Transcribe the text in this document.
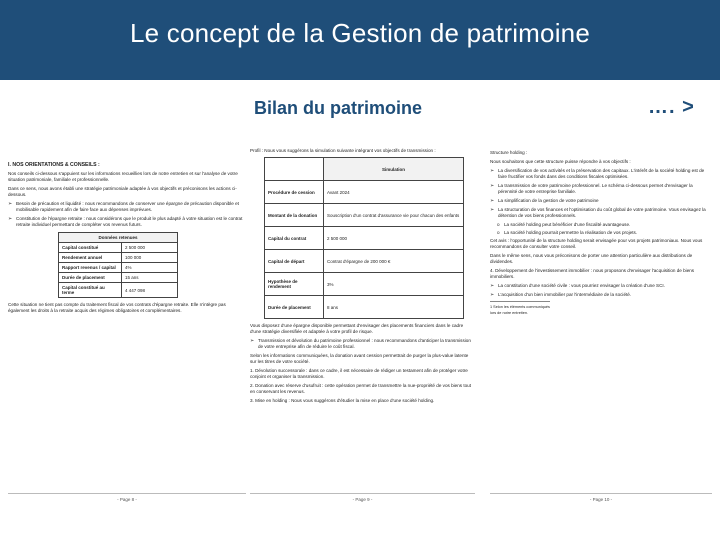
Le concept de la Gestion de patrimoine
Bilan du patrimoine	…. >
I. NOS ORIENTATIONS & CONSEILS :
Nos conseils ci-dessous s'appuient sur les informations recueillies lors de notre entretien et sur l'analyse de votre situation patrimoniale, familiale et professionnelle.
Dans ce sens, nous avons établi une stratégie patrimoniale adaptée à vos objectifs et préconisons les actions ci-dessous.
➢ Besoin de précaution et liquidité : nous recommandons de conserver une épargne de précaution disponible et mobilisable rapidement afin de faire face aux dépenses imprévues.
➢ Constitution de l'épargne retraite : nous considérons que le produit le plus adapté à votre situation est le contrat retraite individuel permettant de compléter vos revenus futurs.
Données retenues	
Capital constitué	2 500 000
Rendement annuel	100 000
Rapport revenus / capital	4%
Durée de placement	15 ans
Capital constitué au terme	4 447 098
Cette situation ne tient pas compte du traitement fiscal de vos contrats d'épargne retraite. Elle n'intègre pas également les droits à la retraite acquis des régimes obligatoires et complémentaires.
- Page 8 -
Profil : Nous vous suggérons la simulation suivante intégrant vos objectifs de transmission :
	Simulation
Procédure de cession	Avant 2024
Montant de la donation	Souscription d'un contrat d'assurance vie pour chacun des enfants
Capital du contrat	2 500 000
Capital de départ	Contrat d'épargne de 200 000 €
Hypothèse de rendement	3%
Durée de placement	8 ans
Vous disposez d'une épargne disponible permettant d'envisager des placements financiers dans le cadre d'une stratégie diversifiée et adaptée à votre profil de risque.
➢ Transmission et dévolution du patrimoine professionnel : nous recommandons d'anticiper la transmission de votre entreprise afin de réduire le coût fiscal.
Selon les informations communiquées, la donation avant cession permettrait de purger la plus-value latente sur les titres de votre société.
1. Dévolution successorale : dans ce cadre, il est nécessaire de rédiger un testament afin de protéger votre conjoint et organiser la transmission.
2. Donation avec réserve d'usufruit : cette opération permet de transmettre la nue-propriété de vos biens tout en conservant les revenus.
3. Mise en holding : Nous vous suggérons d'étudier la mise en place d'une société holding.
- Page 9 -
Structure holding :
Nous souhaitons que cette structure puisse répondre à vos objectifs :
➢ La diversification de vos activités et la préservation des capitaux. L'intérêt de la société holding est de faire fructifier vos fonds dans des conditions fiscales optimisées.
➢ La transmission de votre patrimoine professionnel. Le schéma ci-dessous permet d'envisager la pérennité de votre entreprise familiale.
➢ La simplification de la gestion de votre patrimoine
➢ La structuration de vos finances et l'optimisation du coût global de votre patrimoine. Vous envisagez la détention de vos biens professionnels.
o La société holding peut bénéficier d'une fiscalité avantageuse.
o La société holding pourrait permettre la réalisation de vos projets.
Cet avis : l'opportunité de la structure holding serait envisagée pour vos projets patrimoniaux. Nous vous recommandons de consulter votre conseil.
Dans le même sens, nous vous préconisons de porter une attention particulière aux distributions de dividendes.
4. Développement de l'investissement immobilier : nous proposons d'envisager l'acquisition de biens immobiliers.
➢ La constitution d'une société civile : vous pourriez envisager la création d'une SCI.
➢ L'acquisition d'un bien immobilier par l'intermédiaire de la société.
1 Selon les éléments communiqués lors de notre entretien.
- Page 10 -
